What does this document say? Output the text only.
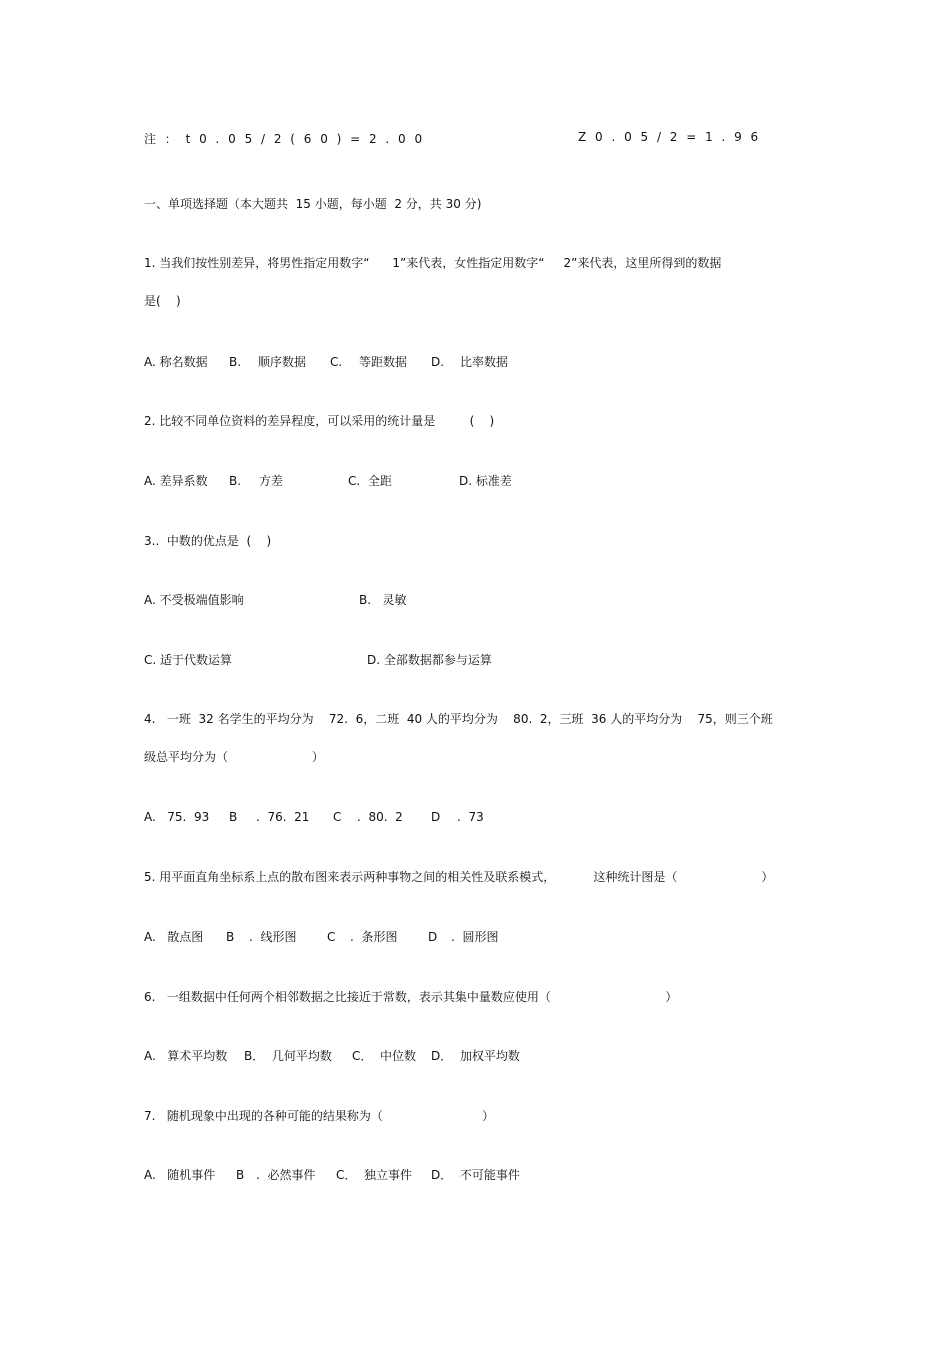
注：t0.05/2(60)=2.00	Z0.05/2=1.96
一、单项选择题（本大题共  15 小题，每小题  2 分，共 30 分)
1. 当我们按性别差异，将男性指定用数字“      1”来代表，女性指定用数字“     2”来代表，这里所得到的数据
是(    )
A. 称名数据 B. 顺序数据 C. 等距数据 D. 比率数据
2. 比较不同单位资料的差异程度，可以采用的统计量是         (    )
A. 差异系数 B. 方差	C.  全距	D. 标准差
3..  中数的优点是  (    )
A. 不受极端值影响	B.   灵敏
C. 适于代数运算	D. 全部数据都参与运算
4.   一班  32 名学生的平均分为    72.  6，二班  40 人的平均分为    80.  2，三班  36 人的平均分为    75，则三个班
级总平均分为（                      ）
A.   75.  93 B .  76.  21 C .  80.  2 D .  73
5. 用平面直角坐标系上点的散布图来表示两种事物之间的相关性及联系模式，          这种统计图是（                      ）
A.   散点图 B .  线形图	C .  条形图	D .  圆形图
6.   一组数据中任何两个相邻数据之比接近于常数，表示其集中量数应使用（                              ）
A.   算术平均数 B．  几何平均数 C．  中位数 D．  加权平均数
7.   随机现象中出现的各种可能的结果称为（                          ）
A.   随机事件 B .  必然事件 C．  独立事件 D．  不可能事件
